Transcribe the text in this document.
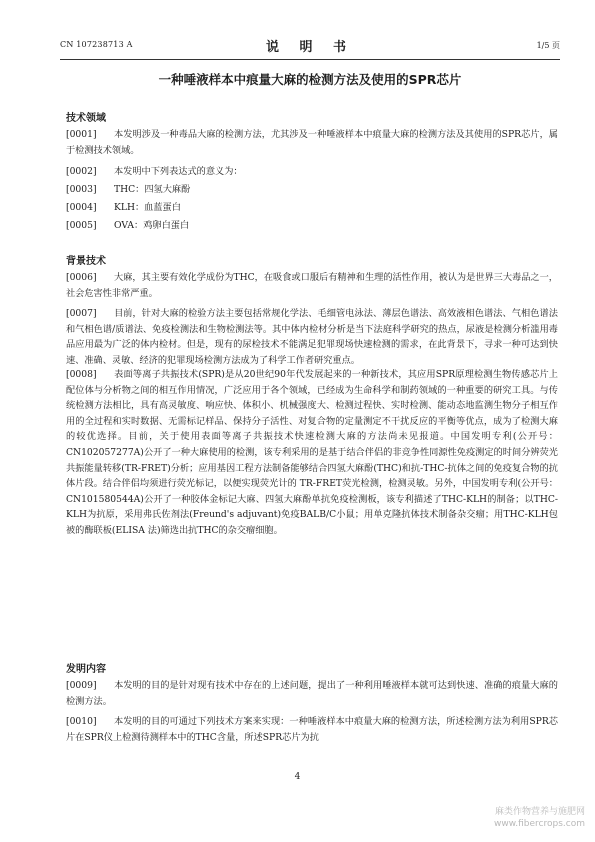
CN 107238713 A	说 明 书	1/5 页
一种唾液样本中痕量大麻的检测方法及使用的SPR芯片
技术领域
[0001] 本发明涉及一种毒品大麻的检测方法，尤其涉及一种唾液样本中痕量大麻的检测方法及其使用的SPR芯片，属于检测技术领域。
[0002] 本发明中下列表达式的意义为：
[0003] THC：四氢大麻酚
[0004] KLH：血蓝蛋白
[0005] OVA：鸡卵白蛋白
背景技术
[0006] 大麻，其主要有效化学成份为THC，在吸食或口服后有精神和生理的活性作用，被认为是世界三大毒品之一，社会危害性非常严重。
[0007] 目前，针对大麻的检验方法主要包括常规化学法、毛细管电泳法、薄层色谱法、高效液相色谱法、气相色谱法和气相色谱/质谱法、免疫检测法和生物检测法等。其中体内检材分析是当下法庭科学研究的热点，尿液是检测分析滥用毒品应用最为广泛的体内检材。但是，现有的尿检技术不能满足犯罪现场快速检测的需求，在此背景下，寻求一种可达到快速、准确、灵敏、经济的犯罪现场检测方法成为了科学工作者研究重点。
[0008] 表面等离子共振技术(SPR)是从20世纪90年代发展起来的一种新技术，其应用SPR原理检测生物传感芯片上配位体与分析物之间的相互作用情况，广泛应用于各个领域，已经成为生命科学和制药领域的一种重要的研究工具。与传统检测方法相比，具有高灵敏度、响应快、体积小、机械强度大、检测过程快、实时检测、能动态地监测生物分子相互作用的全过程和实时数据、无需标记样品、保持分子活性、对复合物的定量测定不干扰反应的平衡等优点，成为了检测大麻的较优选择。目前，关于使用表面等离子共振技术快速检测大麻的方法尚未见报道。中国发明专利(公开号：CN102057277A)公开了一种大麻使用的检测，该专利采用的是基于结合伴侣的非竞争性同源性免疫测定的时间分辨荧光共振能量转移(TR-FRET)分析；应用基因工程方法制备能够结合四氢大麻酚(THC)和抗-THC-抗体之间的免疫复合物的抗体片段。结合伴侣均须进行荧光标记，以便实现荧光计的 TR-FRET荧光检测，检测灵敏。另外，中国发明专利(公开号：CN101580544A)公开了一种胶体金标记大麻、四氢大麻酚单抗免疫检测板，该专利描述了THC-KLH的制备；以THC-KLH为抗原，采用弗氏佐剂法(Freund's adjuvant)免疫BALB/C小鼠；用单克隆抗体技术制备杂交瘤；用THC-KLH包被的酶联板(ELISA 法)筛选出抗THC的杂交瘤细胞。
发明内容
[0009] 本发明的目的是针对现有技术中存在的上述问题，提出了一种利用唾液样本就可达到快速、准确的痕量大麻的检测方法。
[0010] 本发明的目的可通过下列技术方案来实现：一种唾液样本中痕量大麻的检测方法，所述检测方法为利用SPR芯片在SPR仪上检测待测样本中的THC含量，所述SPR芯片为抗
4
麻类作物营养与施肥网
www.fibercrops.com
